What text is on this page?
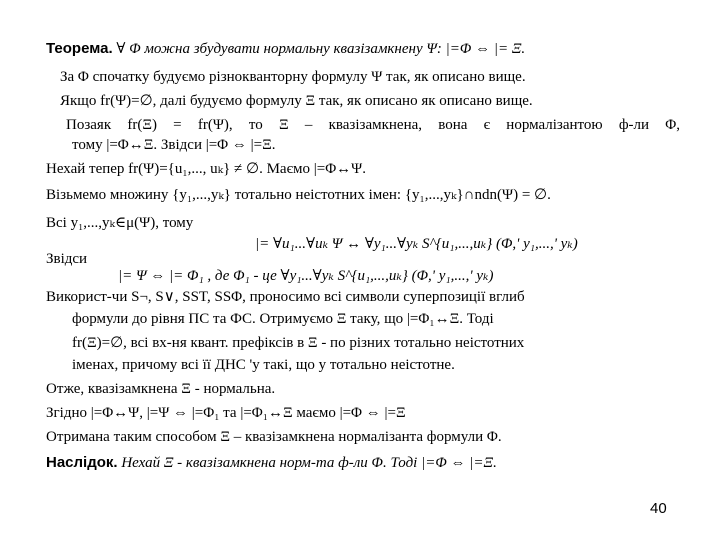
Теорема. ∀ Φ можна збудувати нормальну квазізамкнену Ψ: |=Φ ⇔ |= Ξ.
За Φ спочатку будуємо різнокванторну формулу Ψ так, як описано вище.
Якщо fr(Ψ)=∅, далі будуємо формулу Ξ так, як описано як описано вище.
Позаяк fr(Ξ) = fr(Ψ), то Ξ – квазізамкнена, вона є нормалізантою ф-ли Φ,
тому |=Φ↔Ξ. Звідси |=Φ ⇔ |=Ξ.
Нехай тепер fr(Ψ)={u₁,..., uₖ} ≠ ∅. Маємо |=Φ↔Ψ.
Візьмемо множину {y₁,...,yₖ} тотально неістотних імен: {y₁,...,yₖ}∩ndn(Ψ) = ∅.
Всі y₁,...,yₖ∈μ(Ψ), тому
|= ∀u₁...∀uₖ Ψ ↔ ∀y₁...∀yₖ S^{u₁,...,uₖ} (Φ,' y₁,...,' yₖ)
Звідси
|= Ψ ⇔ |= Φ₁ , де Φ₁ - це ∀y₁...∀yₖ S^{u₁,...,uₖ} (Φ,' y₁,...,' yₖ)
Використ-чи S¬, S∨, SST, SSΦ, проносимо всі символи суперпозиції вглиб
формули до рівня ПС та ФС. Отримуємо Ξ таку, що |=Φ₁↔Ξ. Тоді
fr(Ξ)=∅, всі вх-ня квант. префіксів в Ξ - по різних тотально неістотних
іменах, причому всі її ДНС 'y такі, що y тотально неістотне.
Отже, квазізамкнена Ξ - нормальна.
Згідно |=Φ↔Ψ, |=Ψ ⇔ |=Φ₁ та |=Φ₁↔Ξ маємо |=Φ ⇔ |=Ξ
Отримана таким способом Ξ – квазізамкнена нормалізанта формули Φ.
Наслідок. Нехай Ξ - квазізамкнена норм-та ф-ли Φ. Тоді |=Φ ⇔ |=Ξ.
40
